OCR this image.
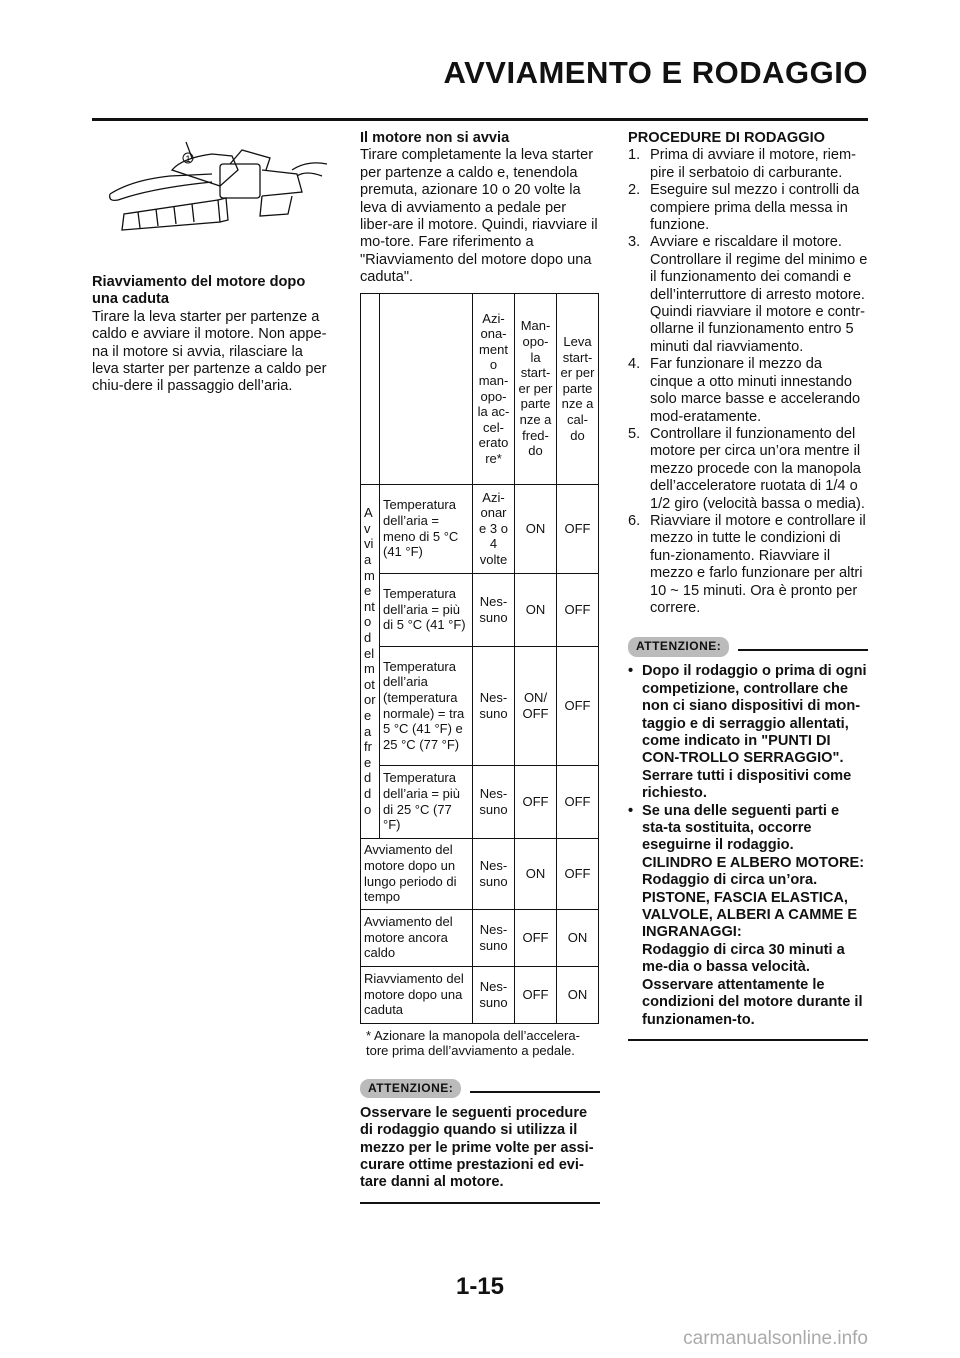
AVVIAMENTO E RODAGGIO
1

Riavviamento del motore dopo una caduta

Tirare la leva starter per partenze a caldo e avviare il motore. Non appe-na il motore si avvia, rilasciare la leva starter per partenze a caldo per chiu-dere il passaggio dell’aria.

Il motore non si avvia

Tirare completamente la leva starter per partenze a caldo e, tenendola premuta, azionare 10 o 20 volte la leva di avviamento a pedale per liber-are il motore. Quindi, riavviare il mo-tore. Fare riferimento a "Riavviamento del motore dopo una caduta".

		Azi-ona-ment o man-opo-la ac-cel-erato re*	Man-opo-la start-er per parte nze a fred-do	Leva start-er per parte nze a cal-do
A v vi a m e nt o d el m ot or e a fr e d d o	Temperatura dell’aria = meno di 5 °C (41 °F)	Azi-onar e 3 o 4 volte	ON	OFF
	Temperatura dell’aria = più di 5 °C (41 °F)	Nes-suno	ON	OFF
	Temperatura dell’aria (temperatura normale) = tra 5 °C (41 °F) e 25 °C (77 °F)	Nes-suno	ON/ OFF	OFF
	Temperatura dell’aria = più di 25 °C (77 °F)	Nes-suno	OFF	OFF
Avviamento del motore dopo un lungo periodo di tempo		Nes-suno	ON	OFF
Avviamento del motore ancora caldo		Nes-suno	OFF	ON
Riavviamento del motore dopo una caduta		Nes-suno	OFF	ON

* Azionare la manopola dell’accelera-tore prima dell’avviamento a pedale.

ATTENZIONE:

Osservare le seguenti procedure di rodaggio quando si utilizza il mezzo per le prime volte per assi-curare ottime prestazioni ed evi-tare danni al motore.

PROCEDURE DI RODAGGIO

1. Prima di avviare il motore, riem-pire il serbatoio di carburante.
2. Eseguire sul mezzo i controlli da compiere prima della messa in funzione.
3. Avviare e riscaldare il motore. Controllare il regime del minimo e il funzionamento dei comandi e dell’interruttore di arresto motore. Quindi riavviare il motore e contr-ollarne il funzionamento entro 5 minuti dal riavviamento.
4. Far funzionare il mezzo da cinque a otto minuti innestando solo marce basse e accelerando mod-eratamente.
5. Controllare il funzionamento del motore per circa un’ora mentre il mezzo procede con la manopola dell’acceleratore ruotata di 1/4 o 1/2 giro (velocità bassa o media).
6. Riavviare il motore e controllare il mezzo in tutte le condizioni di fun-zionamento. Riavviare il mezzo e farlo funzionare per altri 10 ~ 15 minuti. Ora è pronto per correre.
ATTENZIONE:
• Dopo il rodaggio o prima di ogni competizione, controllare che non ci siano dispositivi di mon-taggio e di serraggio allentati, come indicato in "PUNTI DI CON-TROLLO SERRAGGIO". Serrare tutti i dispositivi come richiesto.
• Se una delle seguenti parti e sta-ta sostituita, occorre eseguirne il rodaggio.
CILINDRO E ALBERO MOTORE:
Rodaggio di circa un’ora.
PISTONE, FASCIA ELASTICA, VALVOLE, ALBERI A CAMME E INGRANAGGI:
Rodaggio di circa 30 minuti a me-dia o bassa velocità. Osservare attentamente le condizioni del motore durante il funzionamen-to.
1-15
carmanualsonline.info
